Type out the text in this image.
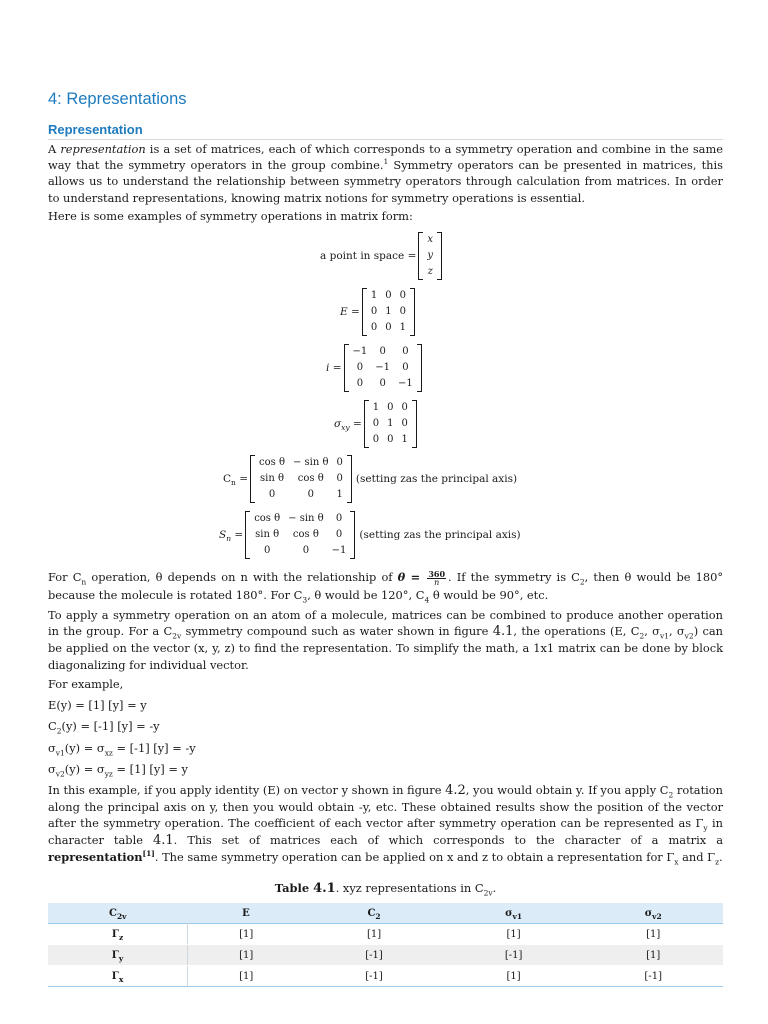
4: Representations
Representation

A representation is a set of matrices, each of which corresponds to a symmetry operation and combine in the same way that the symmetry operators in the group combine.$^1$ Symmetry operators can be presented in matrices, this allows us to understand the relationship between symmetry operators through calculation from matrices. In order to understand representations, knowing matrix notions for symmetry operations is essential.

Here is some examples of symmetry operations in matrix form:

a point in space =
x
y
z
E =
1	0	0
0	1	0
0	0	1
i =
−1	0	0
0	−1	0
0	0	−1
$\sigma_{xy}$ =
1	0	0
0	1	0
0	0	1
$C_n$ =
cos θ	− sin θ	0
sin θ	cos θ	0
0	0	1
(setting zas the principal axis)
$S_n$ =
cos θ	− sin θ	0
sin θ	cos θ	0
0	0	−1
(setting zas the principal axis)

For $C_n$ operation, θ depends on n with the relationship of $\theta = \frac{360}{n}$ . If the symmetry is $C_2$, then θ would be 180° because the molecule is rotated 180°. For $C_3$, θ would be 120°, $C_4$ θ would be 90°, etc.

To apply a symmetry operation on an atom of a molecule, matrices can be combined to produce another operation in the group. For a $C_{2v}$ symmetry compound such as water shown in figure 4.1, the operations (E, $C_2$, $\sigma_{v1}$, $\sigma_{v2}$) can be applied on the vector (x, y, z) to find the representation. To simplify the math, a 1x1 matrix can be done by block diagonalizing for individual vector.

For example,

E(y) = [1] [y] = y

$C_2(y) = [-1] [y] = -y$

$\sigma_{v1}(y) = \sigma_{xz} = [-1] [y] = -y$

$\sigma_{v2}(y) = \sigma_{yz} = [1] [y] = y$

In this example, if you apply identity (E) on vector y shown in figure 4.2, you would obtain y. If you apply $C_2$ rotation along the principal axis on y, then you would obtain -y, etc. These obtained results show the position of the vector after the symmetry operation. The coefficient of each vector after symmetry operation can be represented as $\Gamma_y$ in character table 4.1. This set of matrices each of which corresponds to the character of a matrix a representation[1]. The same symmetry operation can be applied on x and z to obtain a representation for $\Gamma_x$ and $\Gamma_z$.

Table 4.1. xyz representations in $C_{2v}$.
$C_{2v}$	E	$C_2$	$\sigma_{v1}$	$\sigma_{v2}$
$\Gamma_z$	[1]	[1]	[1]	[1]
$\Gamma_y$	[1]	[-1]	[-1]	[1]
$\Gamma_x$	[1]	[-1]	[1]	[-1]
